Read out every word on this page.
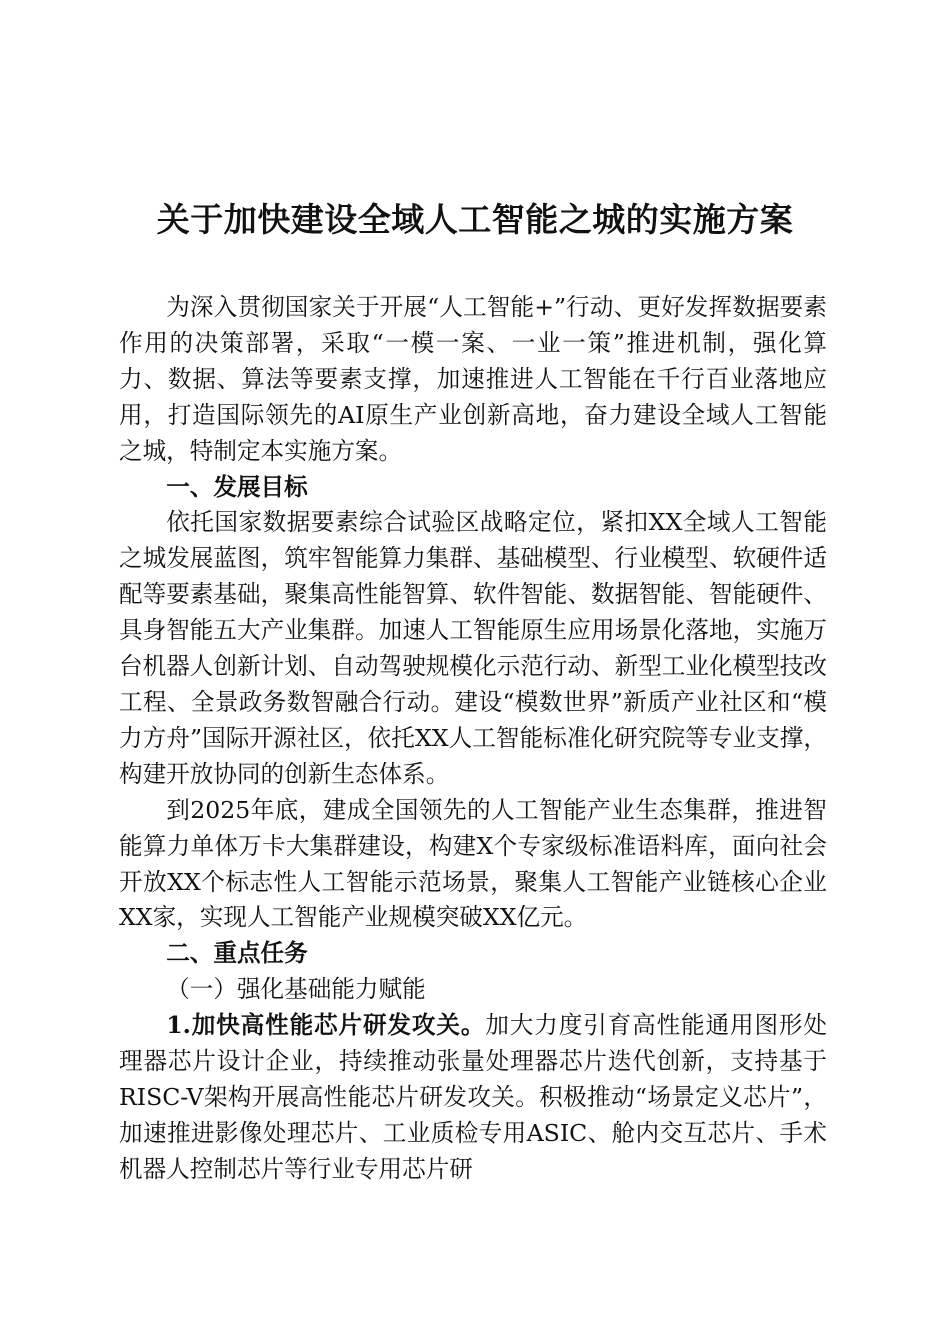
关于加快建设全域人工智能之城的实施方案

为深入贯彻国家关于开展“人工智能+”行动、更好发挥数据要素作用的决策部署，采取“一模一案、一业一策”推进机制，强化算力、数据、算法等要素支撑，加速推进人工智能在千行百业落地应用，打造国际领先的AI原生产业创新高地，奋力建设全域人工智能之城，特制定本实施方案。

一、发展目标

依托国家数据要素综合试验区战略定位，紧扣XX全域人工智能之城发展蓝图，筑牢智能算力集群、基础模型、行业模型、软硬件适配等要素基础，聚集高性能智算、软件智能、数据智能、智能硬件、具身智能五大产业集群。加速人工智能原生应用场景化落地，实施万台机器人创新计划、自动驾驶规模化示范行动、新型工业化模型技改工程、全景政务数智融合行动。建设“模数世界”新质产业社区和“模力方舟”国际开源社区，依托XX人工智能标准化研究院等专业支撑，构建开放协同的创新生态体系。

到2025年底，建成全国领先的人工智能产业生态集群，推进智能算力单体万卡大集群建设，构建X个专家级标准语料库，面向社会开放XX个标志性人工智能示范场景，聚集人工智能产业链核心企业XX家，实现人工智能产业规模突破XX亿元。

二、重点任务

（一）强化基础能力赋能

1.加快高性能芯片研发攻关。加大力度引育高性能通用图形处理器芯片设计企业，持续推动张量处理器芯片迭代创新，支持基于RISC-V架构开展高性能芯片研发攻关。积极推动“场景定义芯片”，加速推进影像处理芯片、工业质检专用ASIC、舱内交互芯片、手术机器人控制芯片等行业专用芯片研
